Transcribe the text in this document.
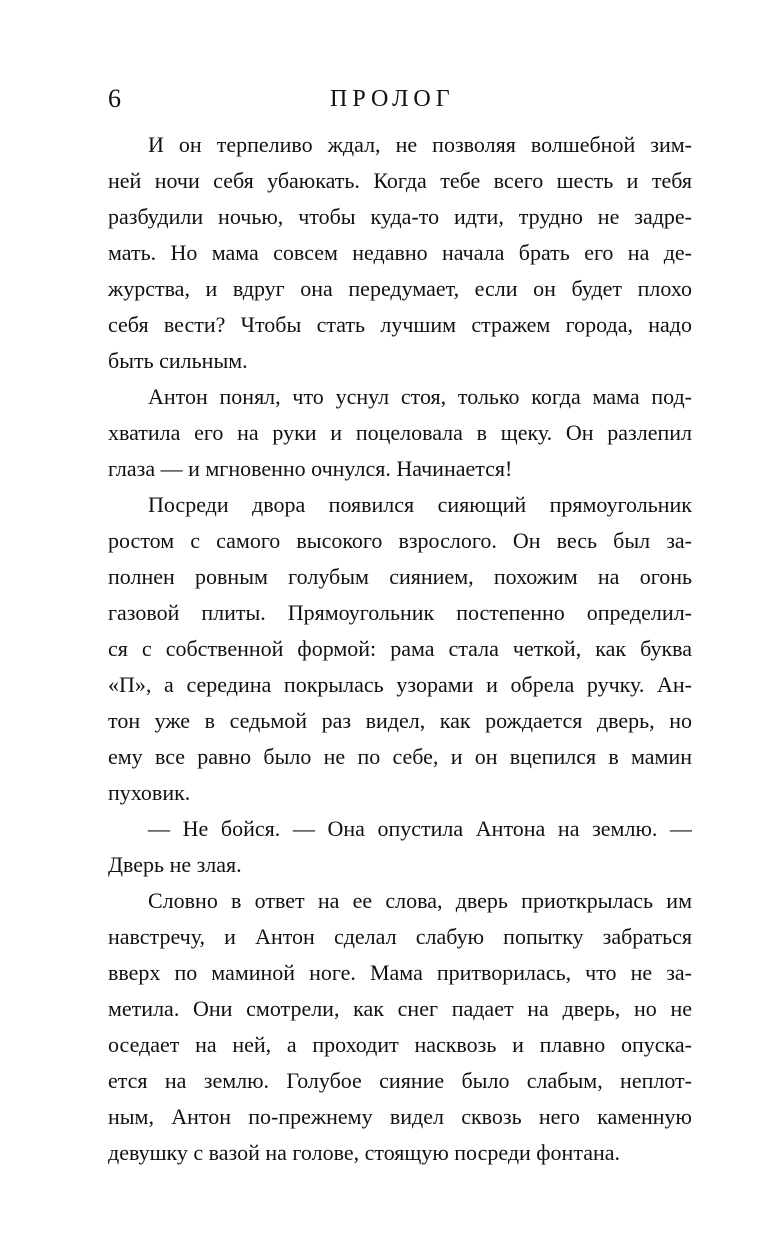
6	ПРОЛОГ
И он терпеливо ждал, не позволяя волшебной зим-
ней ночи себя убаюкать. Когда тебе всего шесть и тебя
разбудили ночью, чтобы куда-то идти, трудно не задре-
мать. Но мама совсем недавно начала брать его на де-
журства, и вдруг она передумает, если он будет плохо
себя вести? Чтобы стать лучшим стражем города, надо
быть сильным.
Антон понял, что уснул стоя, только когда мама под-
хватила его на руки и поцеловала в щеку. Он разлепил
глаза — и мгновенно очнулся. Начинается!
Посреди двора появился сияющий прямоугольник
ростом с самого высокого взрослого. Он весь был за-
полнен ровным голубым сиянием, похожим на огонь
газовой плиты. Прямоугольник постепенно определил-
ся с собственной формой: рама стала четкой, как буква
«П», а середина покрылась узорами и обрела ручку. Ан-
тон уже в седьмой раз видел, как рождается дверь, но
ему все равно было не по себе, и он вцепился в мамин
пуховик.
— Не бойся. — Она опустила Антона на землю. —
Дверь не злая.
Словно в ответ на ее слова, дверь приоткрылась им
навстречу, и Антон сделал слабую попытку забраться
вверх по маминой ноге. Мама притворилась, что не за-
метила. Они смотрели, как снег падает на дверь, но не
оседает на ней, а проходит насквозь и плавно опуска-
ется на землю. Голубое сияние было слабым, неплот-
ным, Антон по-прежнему видел сквозь него каменную
девушку с вазой на голове, стоящую посреди фонтана.
